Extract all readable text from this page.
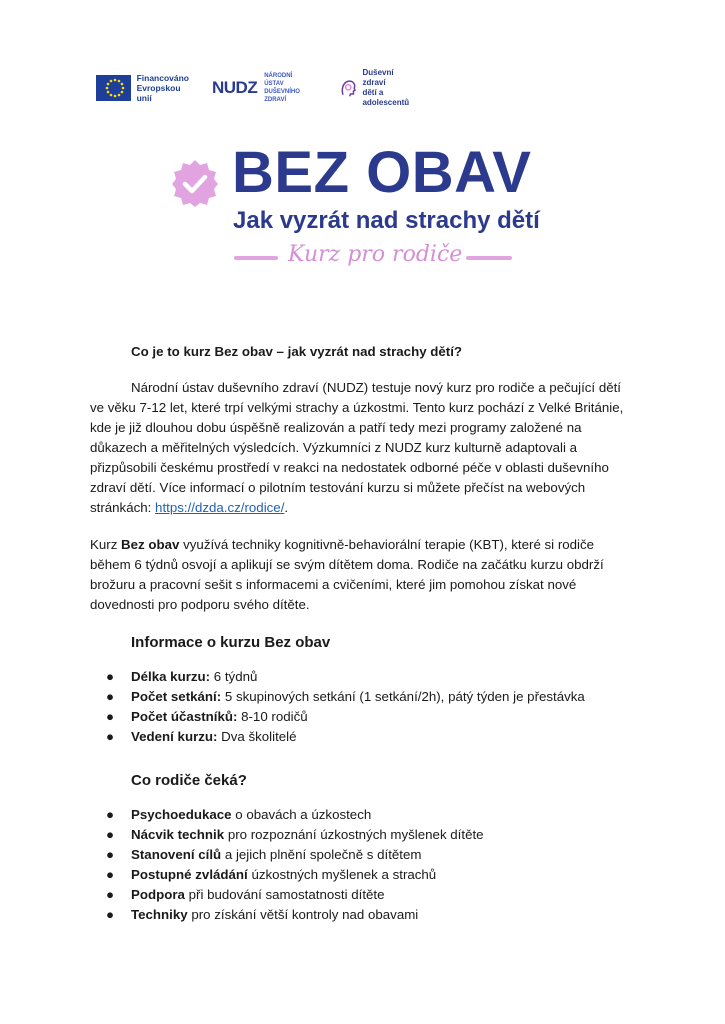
Financováno
Evropskou unií
NUDZ
NÁRODNÍ ÚSTAV
DUŠEVNÍHO ZDRAVÍ
Duševní zdraví
dětí a adolescentů
BEZ OBAV
Jak vyzrát nad strachy dětí
Kurz pro rodiče

Co je to kurz Bez obav – jak vyzrát nad strachy dětí?

Národní ústav duševního zdraví (NUDZ) testuje nový kurz pro rodiče a pečující dětí ve věku 7-12 let, které trpí velkými strachy a úzkostmi. Tento kurz pochází z Velké Británie, kde je již dlouhou dobu úspěšně realizován a patří tedy mezi programy založené na důkazech a měřitelných výsledcích. Výzkumníci z NUDZ kurz kulturně adaptovali a přizpůsobili českému prostředí v reakci na nedostatek odborné péče v oblasti duševního zdraví dětí. Více informací o pilotním testování kurzu si můžete přečíst na webových stránkách: https://dzda.cz/rodice/.

Kurz Bez obav využívá techniky kognitivně-behaviorální terapie (KBT), které si rodiče během 6 týdnů osvojí a aplikují se svým dítětem doma. Rodiče na začátku kurzu obdrží brožuru a pracovní sešit s informacemi a cvičeními, které jim pomohou získat nové dovednosti pro podporu svého dítěte.

Informace o kurzu Bez obav
● Délka kurzu: 6 týdnů
● Počet setkání: 5 skupinových setkání (1 setkání/2h), pátý týden je přestávka
● Počet účastníků: 8-10 rodičů
● Vedení kurzu: Dva školitelé
Co rodiče čeká?
● Psychoedukace o obavách a úzkostech
● Nácvik technik pro rozpoznání úzkostných myšlenek dítěte
● Stanovení cílů a jejich plnění společně s dítětem
● Postupné zvládání úzkostných myšlenek a strachů
● Podpora při budování samostatnosti dítěte
● Techniky pro získání větší kontroly nad obavami
